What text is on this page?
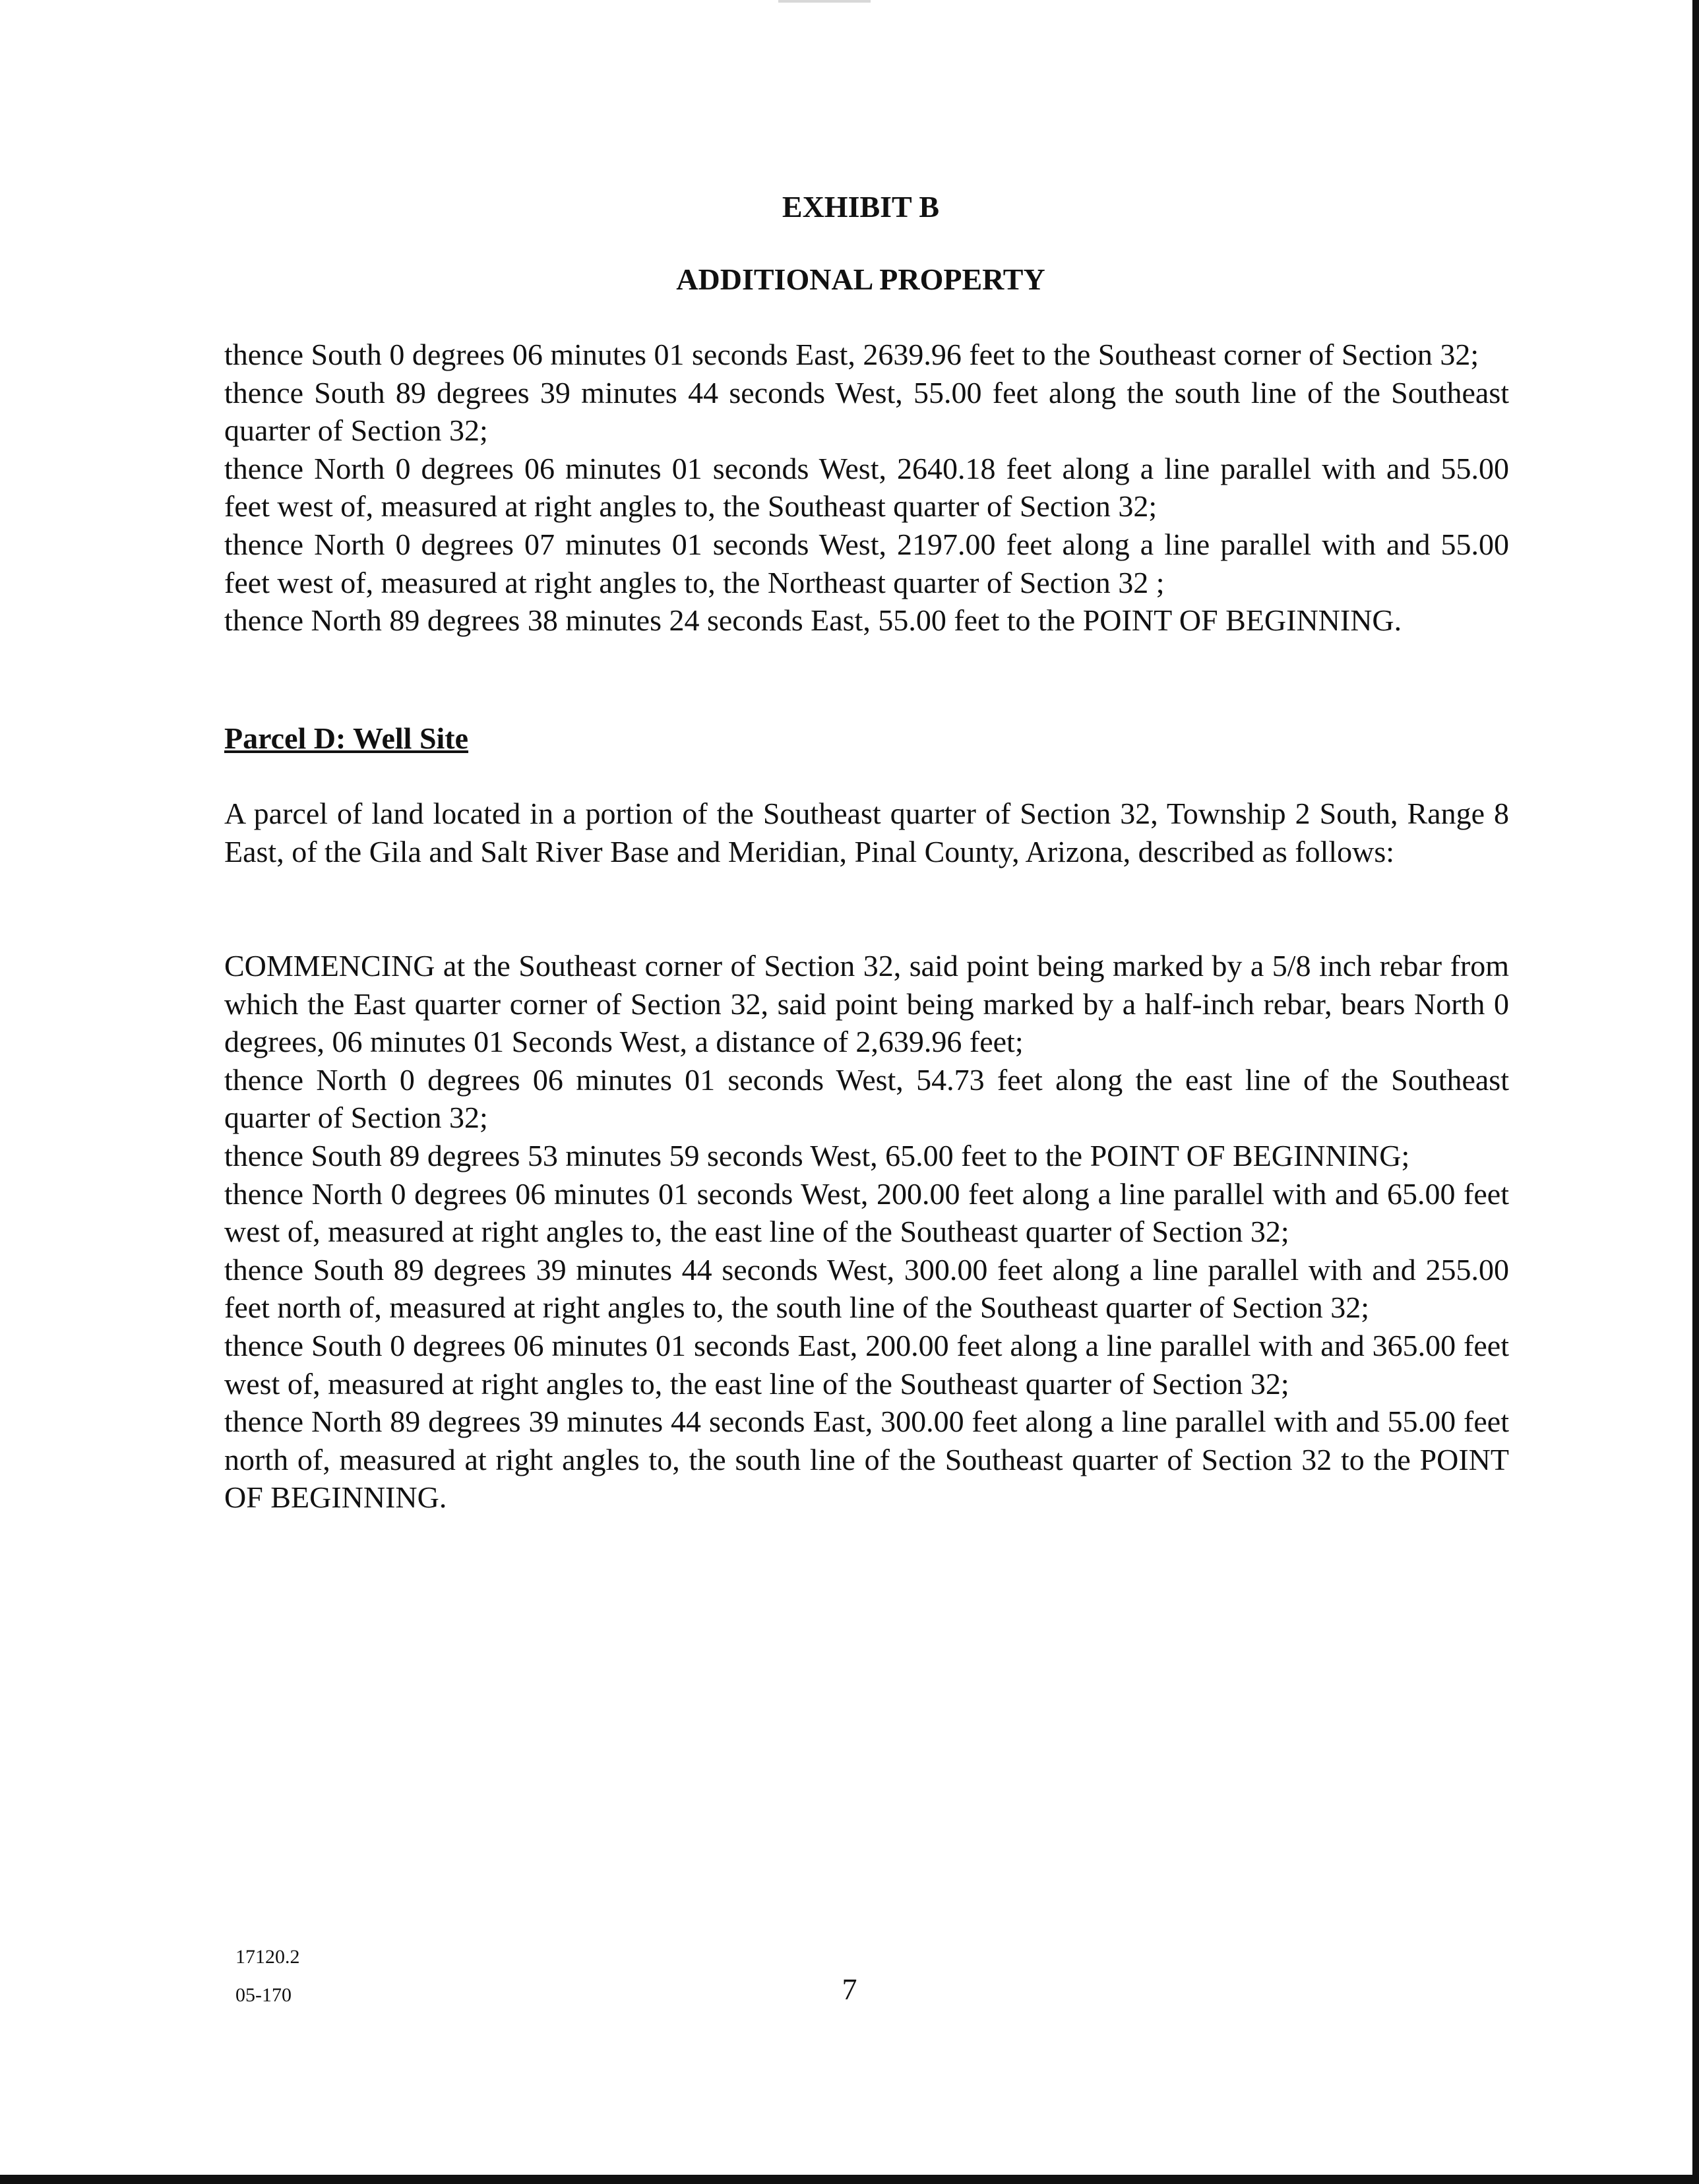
EXHIBIT B
ADDITIONAL PROPERTY

thence South 0 degrees 06 minutes 01 seconds East, 2639.96 feet to the Southeast corner of Section 32;

thence South 89 degrees 39 minutes 44 seconds West, 55.00 feet along the south line of the Southeast quarter of Section 32;

thence North 0 degrees 06 minutes 01 seconds West, 2640.18 feet along a line parallel with and 55.00 feet west of, measured at right angles to, the Southeast quarter of Section 32;

thence North 0 degrees 07 minutes 01 seconds West, 2197.00 feet along a line parallel with and 55.00 feet west of, measured at right angles to, the Northeast quarter of Section 32 ;

thence North 89 degrees 38 minutes 24 seconds East, 55.00 feet to the POINT OF BEGINNING.

Parcel D: Well Site

A parcel of land located in a portion of the Southeast quarter of Section 32, Township 2 South, Range 8 East, of the Gila and Salt River Base and Meridian, Pinal County, Arizona, described as follows:

COMMENCING at the Southeast corner of Section 32, said point being marked by a 5/8 inch rebar from which the East quarter corner of Section 32, said point being marked by a half-inch rebar, bears North 0 degrees, 06 minutes 01 Seconds West, a distance of 2,639.96 feet;

thence North 0 degrees 06 minutes 01 seconds West, 54.73 feet along the east line of the Southeast quarter of Section 32;

thence South 89 degrees 53 minutes 59 seconds West, 65.00 feet to the POINT OF BEGINNING;

thence North 0 degrees 06 minutes 01 seconds West, 200.00 feet along a line parallel with and 65.00 feet west of, measured at right angles to, the east line of the Southeast quarter of Section 32;

thence South 89 degrees 39 minutes 44 seconds West, 300.00 feet along a line parallel with and 255.00 feet north of, measured at right angles to, the south line of the Southeast quarter of Section 32;

thence South 0 degrees 06 minutes 01 seconds East, 200.00 feet along a line parallel with and 365.00 feet west of, measured at right angles to, the east line of the Southeast quarter of Section 32;

thence North 89 degrees 39 minutes 44 seconds East, 300.00 feet along a line parallel with and 55.00 feet north of, measured at right angles to, the south line of the Southeast quarter of Section 32 to the POINT OF BEGINNING.

17120.2

05-170	7
